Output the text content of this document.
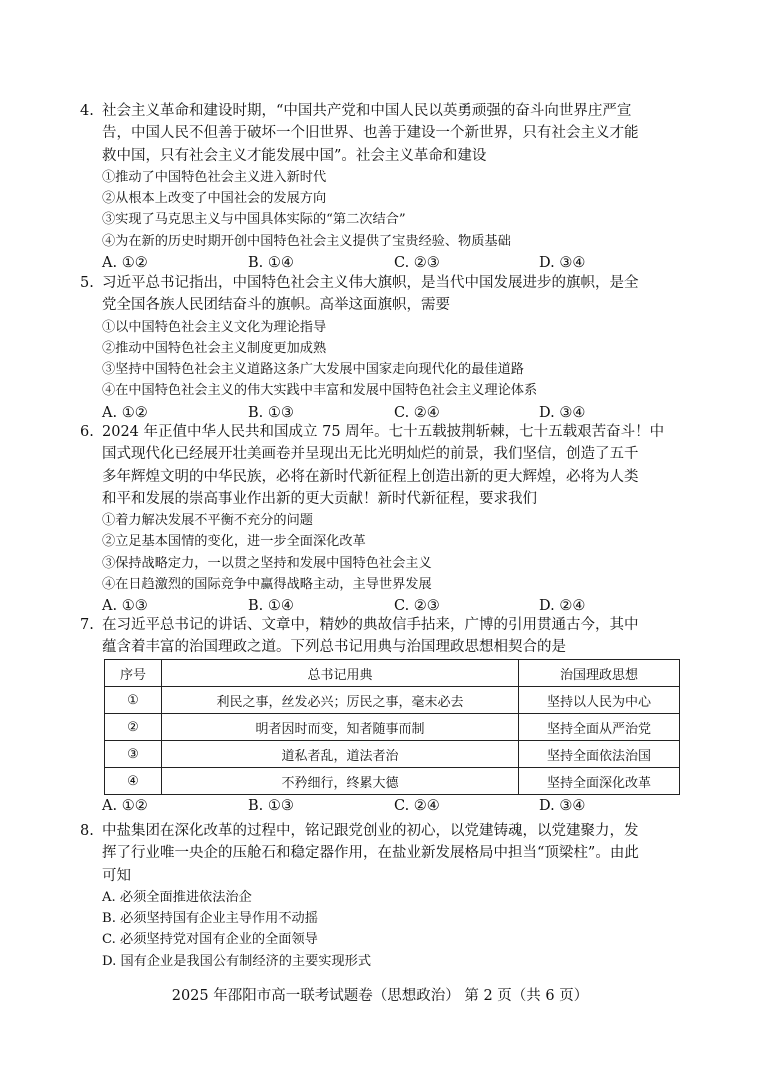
4. 社会主义革命和建设时期，“中国共产党和中国人民以英勇顽强的奋斗向世界庄严宣
告，中国人民不但善于破坏一个旧世界、也善于建设一个新世界，只有社会主义才能
救中国，只有社会主义才能发展中国”。社会主义革命和建设
①推动了中国特色社会主义进入新时代
②从根本上改变了中国社会的发展方向
③实现了马克思主义与中国具体实际的“第二次结合”
④为在新的历史时期开创中国特色社会主义提供了宝贵经验、物质基础
A. ①②	B. ①④	C. ②③	D. ③④
5. 习近平总书记指出，中国特色社会主义伟大旗帜，是当代中国发展进步的旗帜，是全
党全国各族人民团结奋斗的旗帜。高举这面旗帜，需要
①以中国特色社会主义文化为理论指导
②推动中国特色社会主义制度更加成熟
③坚持中国特色社会主义道路这条广大发展中国家走向现代化的最佳道路
④在中国特色社会主义的伟大实践中丰富和发展中国特色社会主义理论体系
A. ①②	B. ①③	C. ②④	D. ③④
6. 2024 年正值中华人民共和国成立 75 周年。七十五载披荆斩棘，七十五载艰苦奋斗！中
国式现代化已经展开壮美画卷并呈现出无比光明灿烂的前景，我们坚信，创造了五千
多年辉煌文明的中华民族，必将在新时代新征程上创造出新的更大辉煌，必将为人类
和平和发展的崇高事业作出新的更大贡献！新时代新征程，要求我们
①着力解决发展不平衡不充分的问题
②立足基本国情的变化，进一步全面深化改革
③保持战略定力，一以贯之坚持和发展中国特色社会主义
④在日趋激烈的国际竞争中赢得战略主动，主导世界发展
A. ①③	B. ①④	C. ②③	D. ②④
7. 在习近平总书记的讲话、文章中，精妙的典故信手拈来，广博的引用贯通古今，其中
蕴含着丰富的治国理政之道。下列总书记用典与治国理政思想相契合的是
序号	总书记用典	治国理政思想
①	利民之事，丝发必兴；厉民之事，毫末必去	坚持以人民为中心
②	明者因时而变，知者随事而制	坚持全面从严治党
③	道私者乱，道法者治	坚持全面依法治国
④	不矜细行，终累大德	坚持全面深化改革
A. ①②	B. ①③	C. ②④	D. ③④
8. 中盐集团在深化改革的过程中，铭记跟党创业的初心，以党建铸魂，以党建聚力，发
挥了行业唯一央企的压舱石和稳定器作用，在盐业新发展格局中担当“顶梁柱”。由此
可知
A. 必须全面推进依法治企
B. 必须坚持国有企业主导作用不动摇
C. 必须坚持党对国有企业的全面领导
D. 国有企业是我国公有制经济的主要实现形式
2025 年邵阳市高一联考试题卷（思想政治） 第 2 页（共 6 页）
